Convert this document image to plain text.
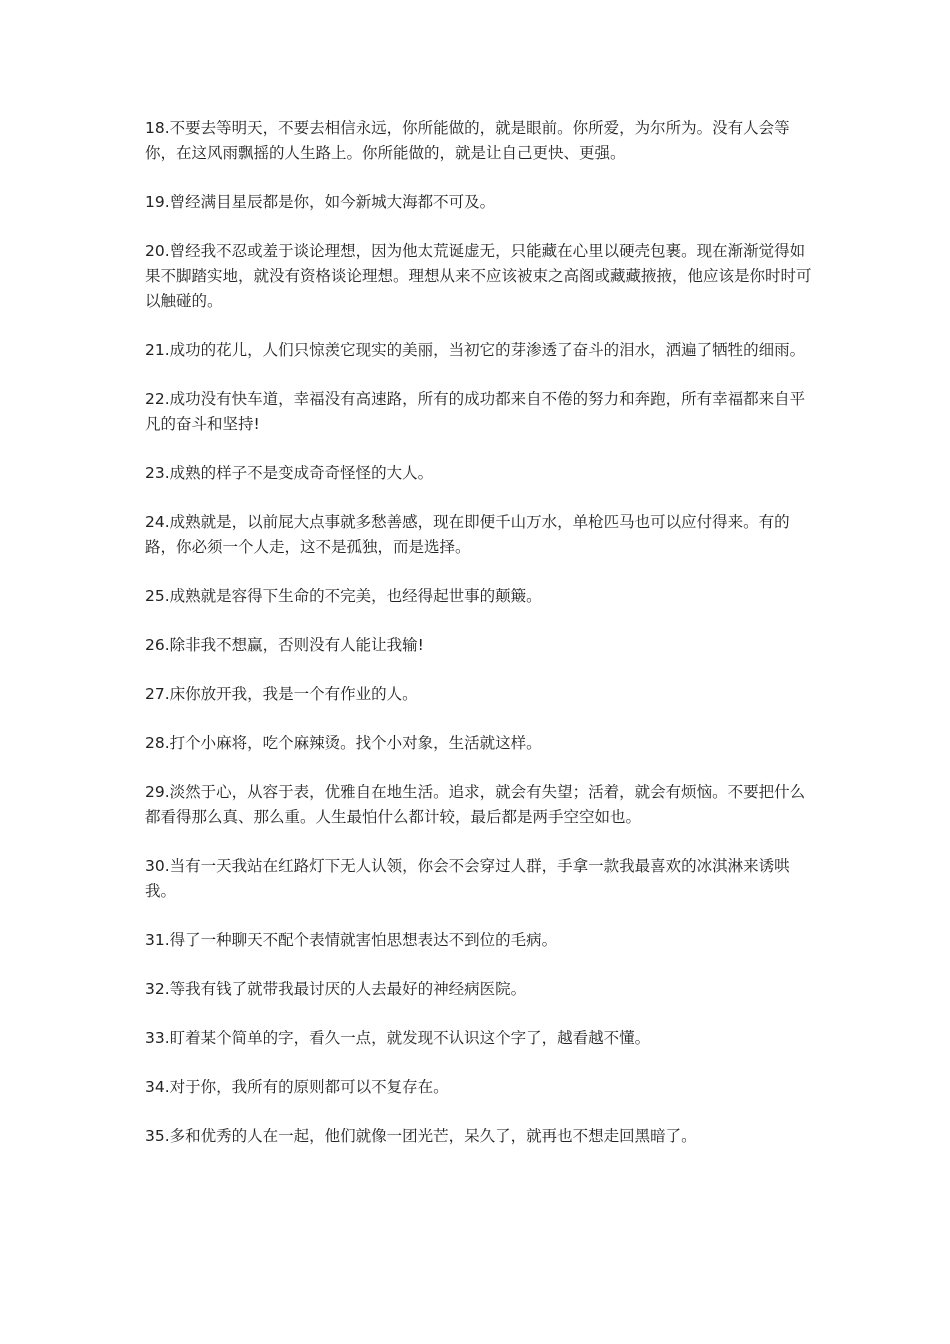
18.不要去等明天，不要去相信永远，你所能做的，就是眼前。你所爱，为尔所为。没有人会等你，在这风雨飘摇的人生路上。你所能做的，就是让自己更快、更强。

19.曾经满目星辰都是你，如今新城大海都不可及。

20.曾经我不忍或羞于谈论理想，因为他太荒诞虚无，只能藏在心里以硬壳包裹。现在渐渐觉得如果不脚踏实地，就没有资格谈论理想。理想从来不应该被束之高阁或藏藏掖掖，他应该是你时时可以触碰的。

21.成功的花儿，人们只惊羡它现实的美丽，当初它的芽渗透了奋斗的泪水，洒遍了牺牲的细雨。

22.成功没有快车道，幸福没有高速路，所有的成功都来自不倦的努力和奔跑，所有幸福都来自平凡的奋斗和坚持!

23.成熟的样子不是变成奇奇怪怪的大人。

24.成熟就是，以前屁大点事就多愁善感，现在即便千山万水，单枪匹马也可以应付得来。有的路，你必须一个人走，这不是孤独，而是选择。

25.成熟就是容得下生命的不完美，也经得起世事的颠簸。

26.除非我不想赢，否则没有人能让我输!

27.床你放开我，我是一个有作业的人。

28.打个小麻将，吃个麻辣烫。找个小对象，生活就这样。

29.淡然于心，从容于表，优雅自在地生活。追求，就会有失望；活着，就会有烦恼。不要把什么都看得那么真、那么重。人生最怕什么都计较，最后都是两手空空如也。

30.当有一天我站在红路灯下无人认领，你会不会穿过人群，手拿一款我最喜欢的冰淇淋来诱哄我。

31.得了一种聊天不配个表情就害怕思想表达不到位的毛病。

32.等我有钱了就带我最讨厌的人去最好的神经病医院。

33.盯着某个简单的字，看久一点，就发现不认识这个字了，越看越不懂。

34.对于你，我所有的原则都可以不复存在。

35.多和优秀的人在一起，他们就像一团光芒，呆久了，就再也不想走回黑暗了。
